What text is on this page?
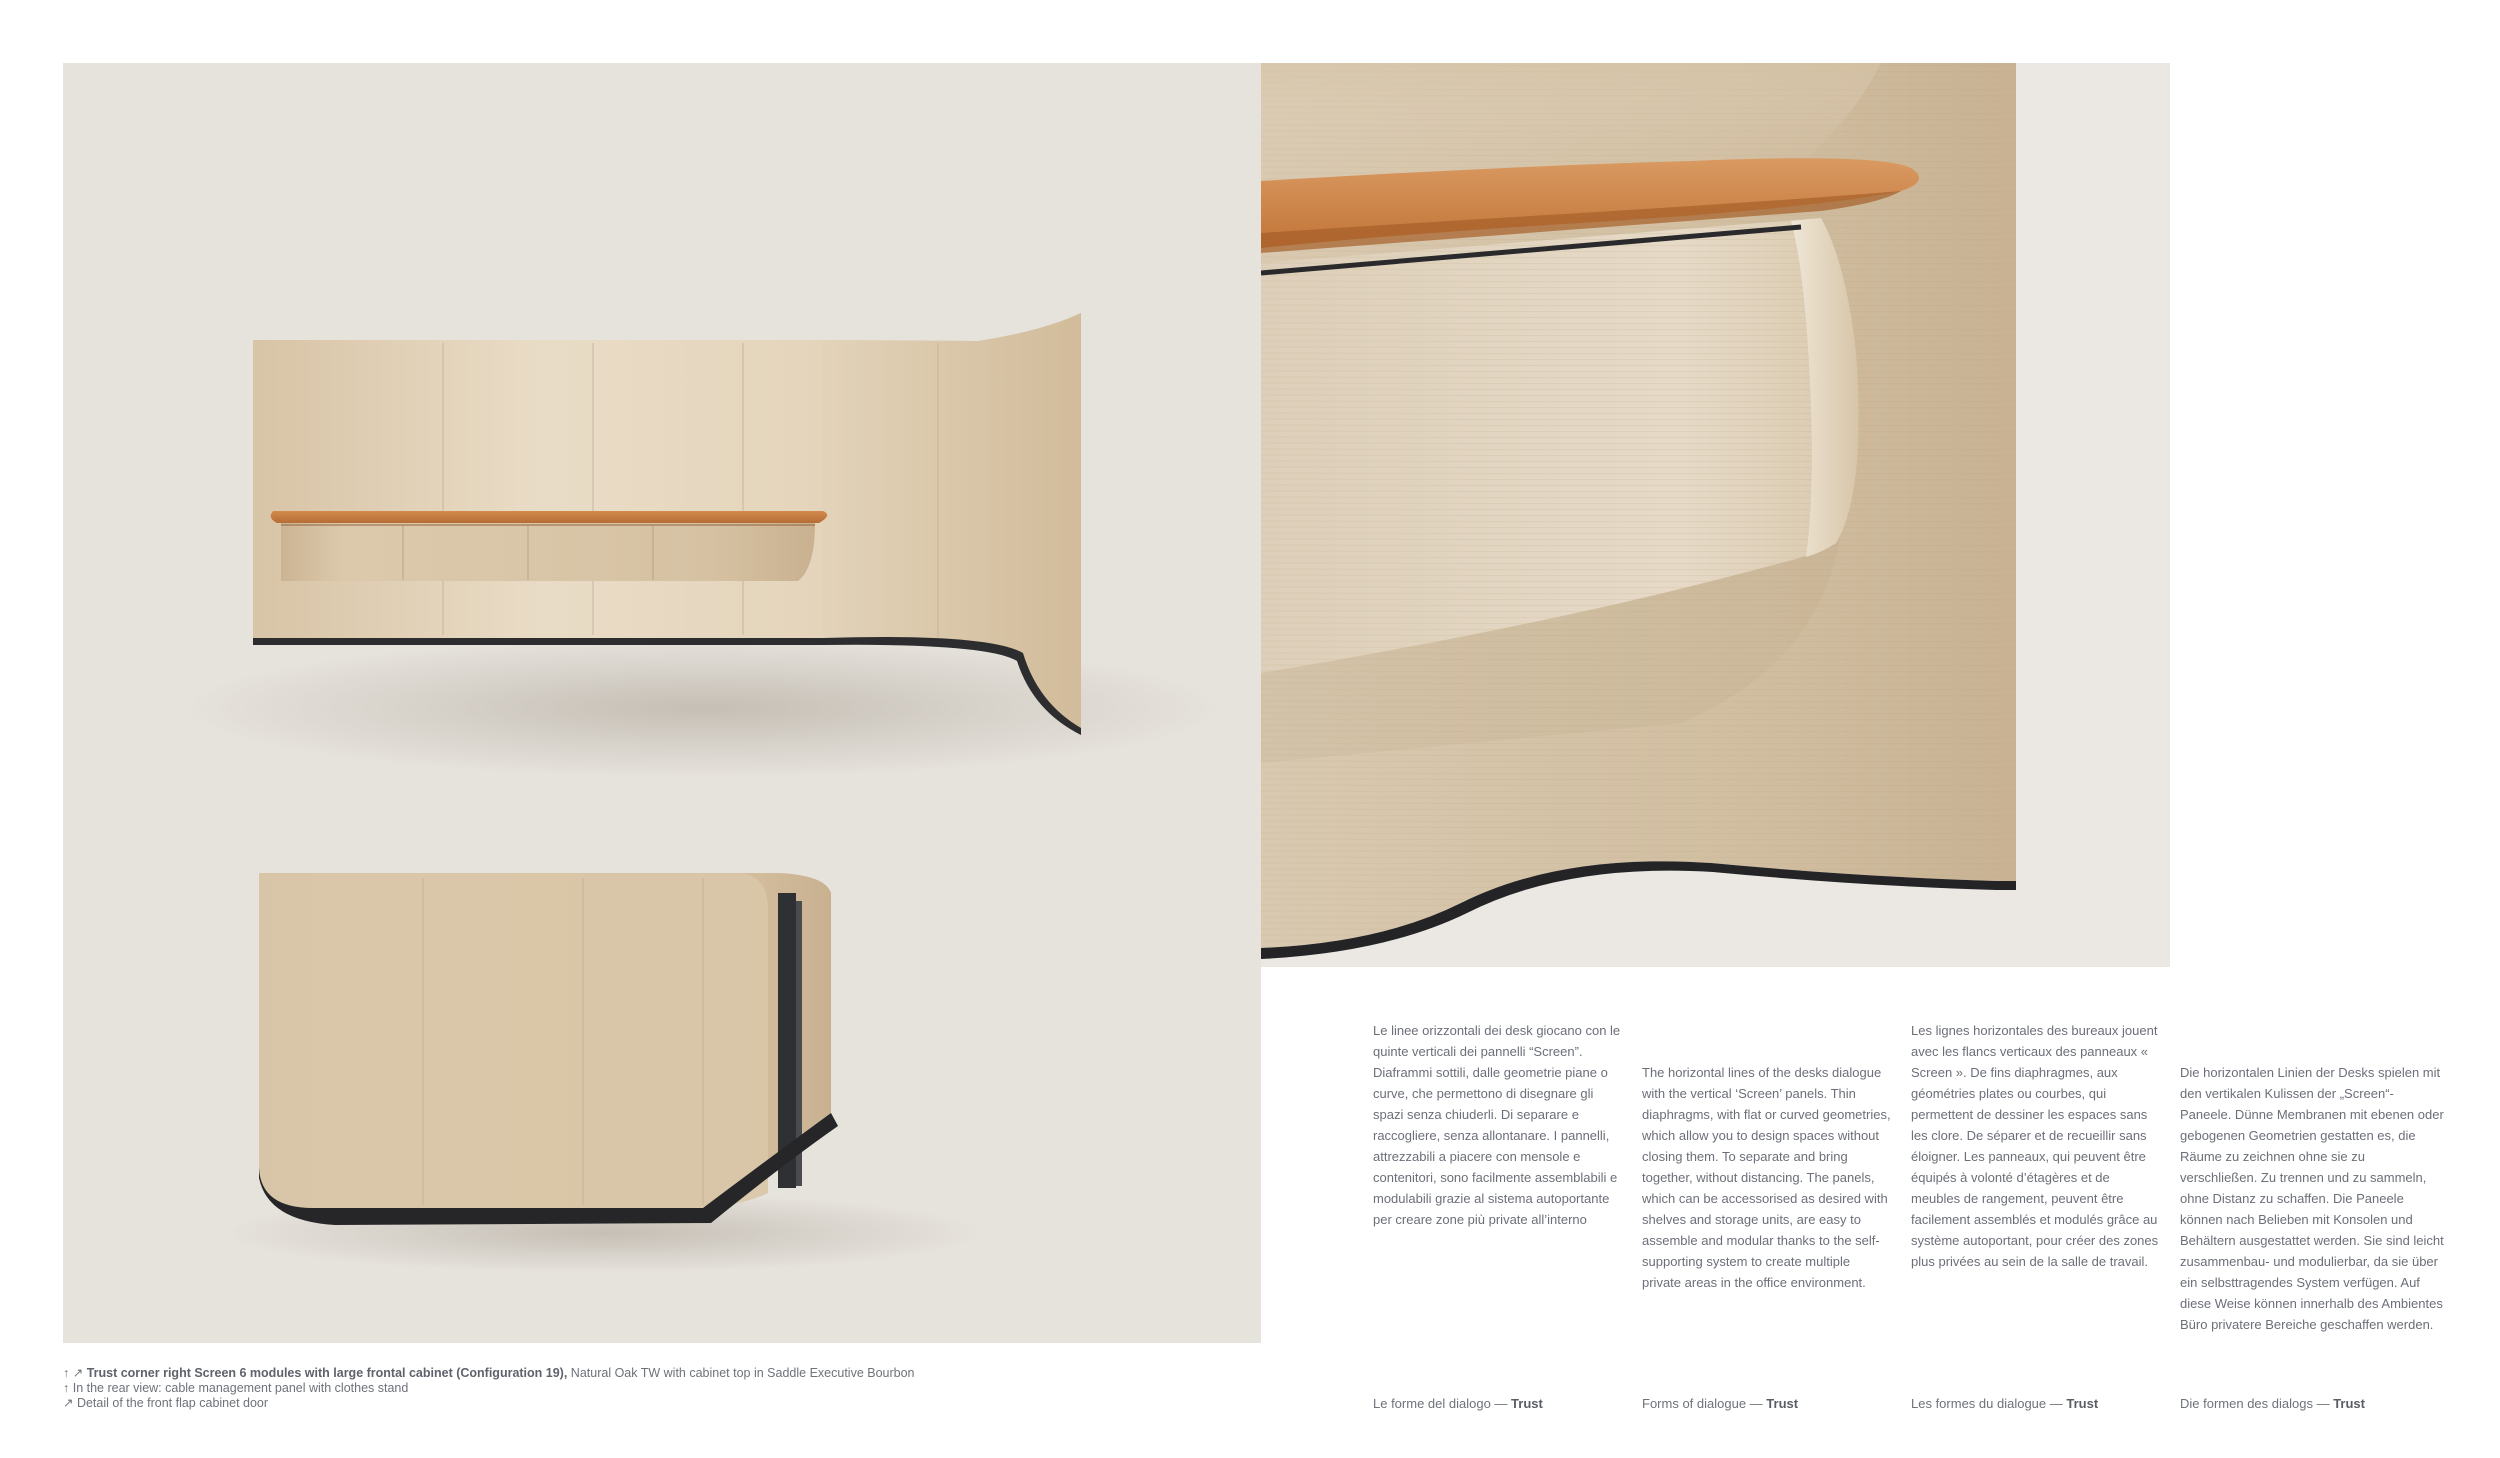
↑ ↗ Trust corner right Screen 6 modules with large frontal cabinet (Configuration 19), Natural Oak TW with cabinet top in Saddle Executive Bourbon
↑ In the rear view: cable management panel with clothes stand
↗ Detail of the front flap cabinet door
Le linee orizzontali dei desk giocano con le quinte verticali dei pannelli “Screen”. Diaframmi sottili, dalle geometrie piane o curve, che permettono di disegnare gli spazi senza chiuderli. Di separare e raccogliere, senza allontanare. I pannelli, attrezzabili a piacere con mensole e contenitori, sono facilmente assemblabili e modulabili grazie al sistema autoportante per creare zone più private all’interno
The horizontal lines of the desks dialogue with the vertical ‘Screen’ panels. Thin diaphragms, with flat or curved geometries, which allow you to design spaces without closing them. To separate and bring together, without distancing. The panels, which can be accessorised as desired with shelves and storage units, are easy to assemble and modular thanks to the self-supporting system to create multiple private areas in the office environment.
Les lignes horizontales des bureaux jouent avec les flancs verticaux des panneaux « Screen ». De fins diaphragmes, aux géométries plates ou courbes, qui permettent de dessiner les espaces sans les clore. De séparer et de recueillir sans éloigner. Les panneaux, qui peuvent être équipés à volonté d’étagères et de meubles de rangement, peuvent être facilement assemblés et modulés grâce au système autoportant, pour créer des zones plus privées au sein de la salle de travail.
Die horizontalen Linien der Desks spielen mit den vertikalen Kulissen der „Screen“-Paneele. Dünne Membranen mit ebenen oder gebogenen Geometrien gestatten es, die Räume zu zeichnen ohne sie zu verschließen. Zu trennen und zu sammeln, ohne Distanz zu schaffen. Die Paneele können nach Belieben mit Konsolen und Behältern ausgestattet werden. Sie sind leicht zusammenbau- und modulierbar, da sie über ein selbsttragendes System verfügen. Auf diese Weise können innerhalb des Ambientes Büro privatere Bereiche geschaffen werden.
Le forme del dialogo — Trust	Forms of dialogue — Trust	Les formes du dialogue — Trust	Die formen des dialogs — Trust
